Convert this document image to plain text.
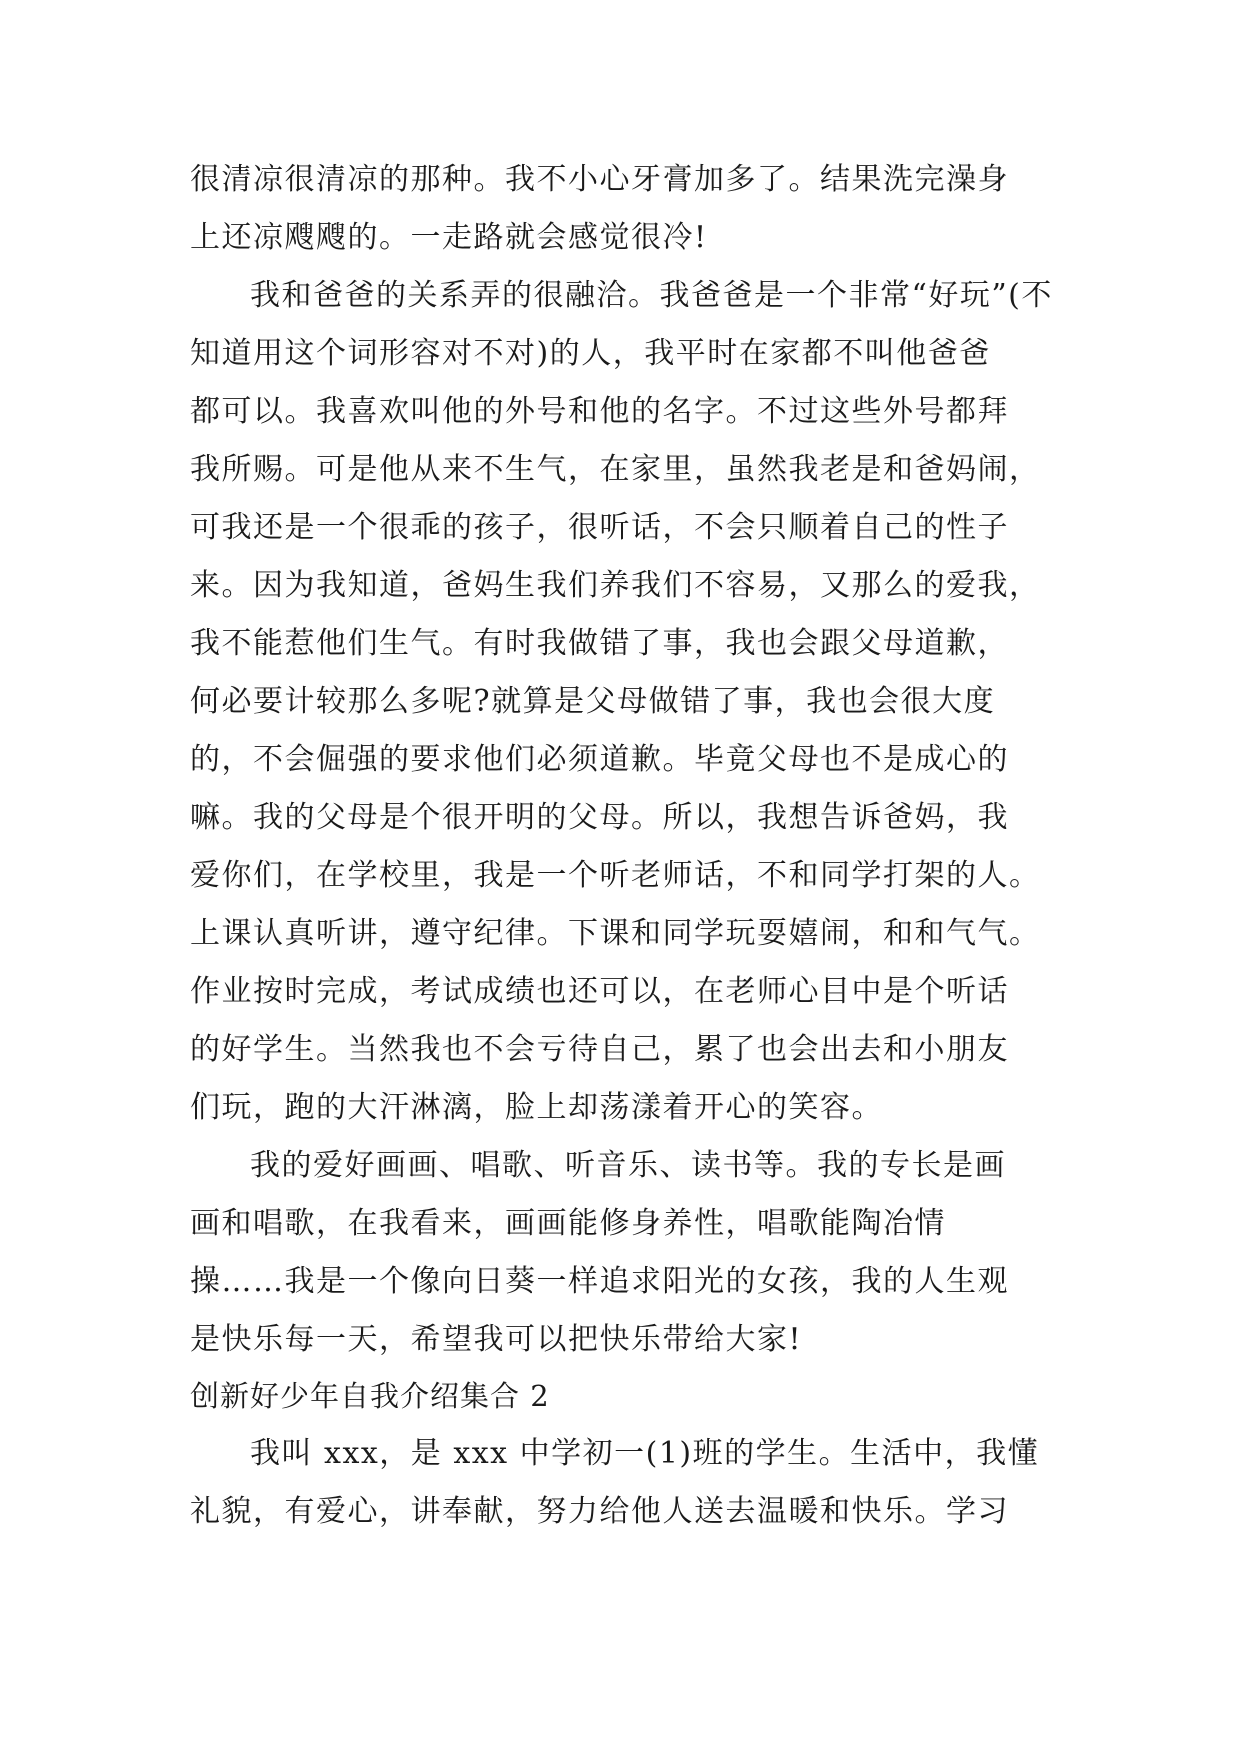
很清凉很清凉的那种。我不小心牙膏加多了。结果洗完澡身
上还凉飕飕的。一走路就会感觉很冷!
我和爸爸的关系弄的很融洽。我爸爸是一个非常“好玩”(不
知道用这个词形容对不对)的人，我平时在家都不叫他爸爸
都可以。我喜欢叫他的外号和他的名字。不过这些外号都拜
我所赐。可是他从来不生气，在家里，虽然我老是和爸妈闹，
可我还是一个很乖的孩子，很听话，不会只顺着自己的性子
来。因为我知道，爸妈生我们养我们不容易，又那么的爱我，
我不能惹他们生气。有时我做错了事，我也会跟父母道歉，
何必要计较那么多呢?就算是父母做错了事，我也会很大度
的，不会倔强的要求他们必须道歉。毕竟父母也不是成心的
嘛。我的父母是个很开明的父母。所以，我想告诉爸妈，我
爱你们，在学校里，我是一个听老师话，不和同学打架的人。
上课认真听讲，遵守纪律。下课和同学玩耍嬉闹，和和气气。
作业按时完成，考试成绩也还可以，在老师心目中是个听话
的好学生。当然我也不会亏待自己，累了也会出去和小朋友
们玩，跑的大汗淋漓，脸上却荡漾着开心的笑容。
我的爱好画画、唱歌、听音乐、读书等。我的专长是画
画和唱歌，在我看来，画画能修身养性，唱歌能陶冶情
操……我是一个像向日葵一样追求阳光的女孩，我的人生观
是快乐每一天，希望我可以把快乐带给大家!
创新好少年自我介绍集合 2
我叫 xxx，是 xxx 中学初一(1)班的学生。生活中，我懂
礼貌，有爱心，讲奉献，努力给他人送去温暖和快乐。学习
